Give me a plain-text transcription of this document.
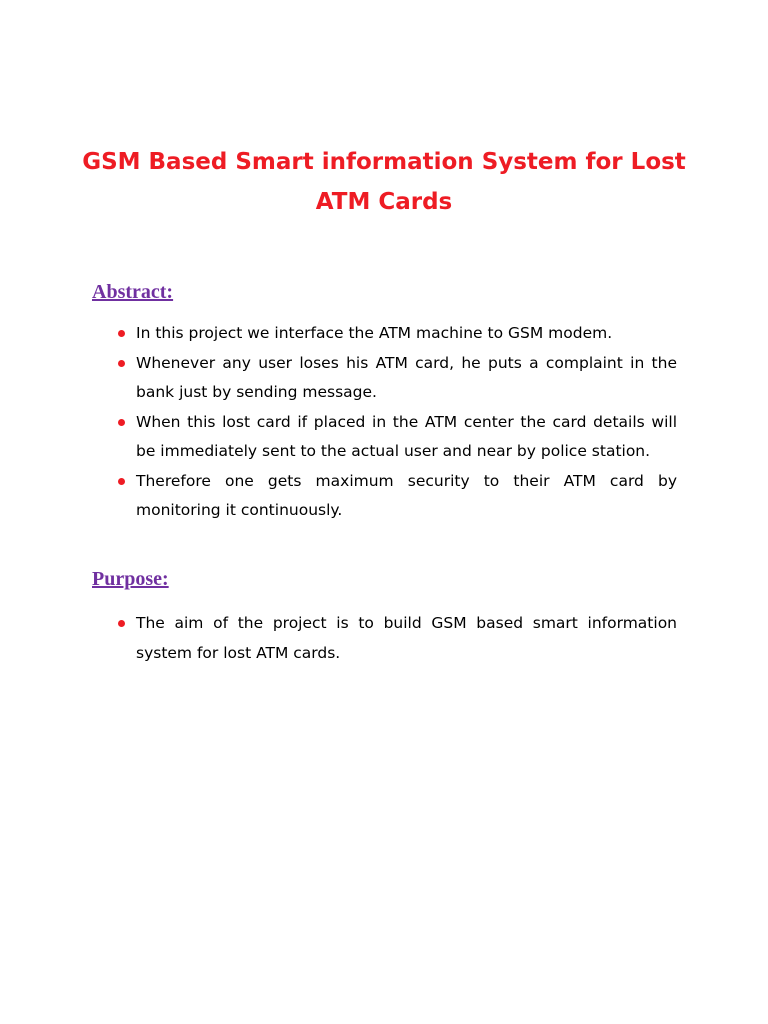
GSM Based Smart information System for Lost ATM Cards
Abstract:
In this project we interface the ATM machine to GSM modem.
Whenever any user loses his ATM card, he puts a complaint in the bank just by sending message.
When this lost card if placed in the ATM center the card details will be immediately sent to the actual user and near by police station.
Therefore one gets maximum security to their ATM card by monitoring it continuously.
Purpose:
The aim of the project is to build GSM based smart information system for lost ATM cards.
